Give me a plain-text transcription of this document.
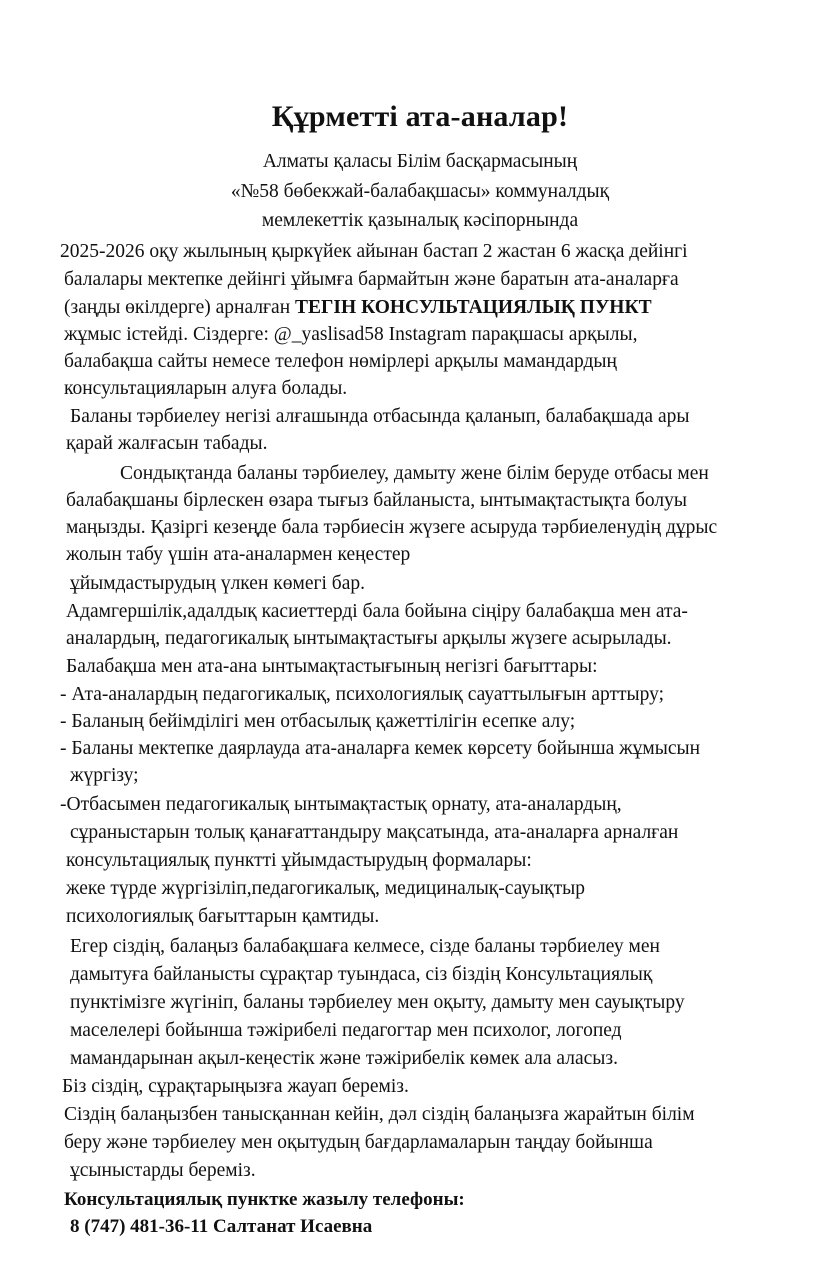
Құрметті ата-аналар!
Алматы қаласы Білім басқармасының
«№58 бөбекжай-балабақшасы» коммуналдық
мемлекеттік қазыналық кәсіпорнында
2025-2026 оқу жылының қыркүйек айынан бастап 2 жастан 6 жасқа дейінгі
балалары мектепке дейінгі ұйымға бармайтын және баратын ата-аналарға
(заңды өкілдерге) арналған ТЕГІН КОНСУЛЬТАЦИЯЛЫҚ ПУНКТ
жұмыс істейді. Сіздерге: @_yaslisad58 Instagram парақшасы арқылы,
балабақша сайты немесе телефон нөмірлері арқылы мамандардың
консультацияларын алуға болады.
Баланы тәрбиелеу негізі алғашында отбасында қаланып, балабақшада ары
қарай жалғасын табады.
Сондықтанда баланы тәрбиелеу, дамыту жене білім беруде отбасы мен
балабақшаны бірлескен өзара тығыз байланыста, ынтымақтастықта болуы
маңызды. Қазіргі кезеңде бала тәрбиесін жүзеге асыруда тәрбиеленудің дұрыс
жолын табу үшін ата-аналармен кеңестер
ұйымдастырудың үлкен көмегі бар.
Адамгершілік,адалдық касиеттерді бала бойына сіңіру балабақша мен ата-
аналардың, педагогикалық ынтымақтастығы арқылы жүзеге асырылады.
Балабақша мен ата-ана ынтымақтастығының негізгі бағыттары:
- Ата-аналардың педагогикалық, психологиялық сауаттылығын арттыру;
- Баланың бейімділігі мен отбасылық қажеттілігін есепке алу;
- Баланы мектепке даярлауда ата-аналарға кемек көрсету бойынша жұмысын
жүргізу;
-Отбасымен педагогикалық ынтымақтастық орнату, ата-аналардың,
сұраныстарын толық қанағаттандыру мақсатында, ата-аналарға арналған
консультациялық пунктті ұйымдастырудың формалары:
жеке түрде жүргізіліп,педагогикалық, медициналық-сауықтыр
психологиялық бағыттарын қамтиды.
Егер сіздің, балаңыз балабақшаға келмесе, сізде баланы тәрбиелеу мен
дамытуға байланысты сұрақтар туындаса, сіз біздің Консультациялық
пунктімізге жүгініп, баланы тәрбиелеу мен оқыту, дамыту мен сауықтыру
маселелері бойынша тәжірибелі педагогтар мен психолог, логопед
мамандарынан ақыл-кеңестік және тәжірибелік көмек ала аласыз.
Біз сіздің, сұрақтарыңызға жауап береміз.
Сіздің балаңызбен танысқаннан кейін, дәл сіздің балаңызға жарайтын білім
беру және тәрбиелеу мен оқытудың бағдарламаларын таңдау бойынша
ұсыныстарды береміз.
Консультациялық пунктке жазылу телефоны:
8 (747) 481-36-11 Салтанат Исаевна
